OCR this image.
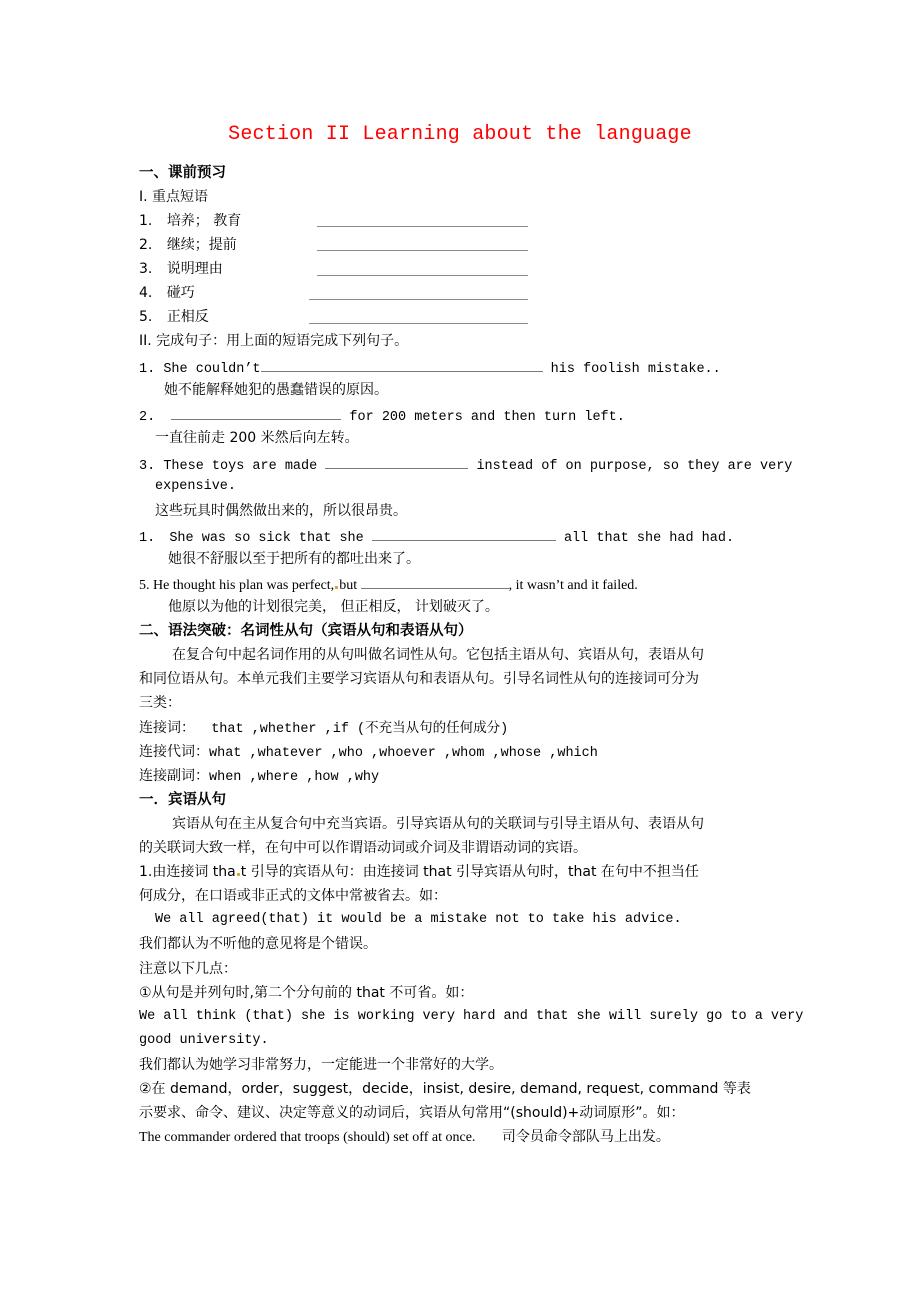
Section II Learning about the language
一、课前预习
I. 重点短语
1. 培养； 教育
2. 继续；提前
3. 说明理由
4. 碰巧
5. 正相反
II. 完成句子：用上面的短语完成下列句子。
1. She couldn’t	his foolish mistake..
她不能解释她犯的愚蠢错误的原因。
2.	for 200 meters and then turn left.
一直往前走 200 米然后向左转。
3. These toys are made	instead of on purpose, so they are very
expensive.
这些玩具时偶然做出来的，所以很昂贵。
1. She was so sick that she	all that she had had.
她很不舒服以至于把所有的都吐出来了。
5. He thought his plan was perfect, but	, it wasn’t and it failed.
他原以为他的计划很完美， 但正相反， 计划破灭了。
二、语法突破：名词性从句（宾语从句和表语从句）
在复合句中起名词作用的从句叫做名词性从句。它包括主语从句、宾语从句，表语从句
和同位语从句。本单元我们主要学习宾语从句和表语从句。引导名词性从句的连接词可分为
三类：
连接词：  that ,whether ,if (不充当从句的任何成分)
连接代词：what ,whatever ,who ,whoever ,whom ,whose ,which
连接副词：when ,where ,how ,why
一．宾语从句
宾语从句在主从复合句中充当宾语。引导宾语从句的关联词与引导主语从句、表语从句
的关联词大致一样，在句中可以作谓语动词或介词及非谓语动词的宾语。
1.由连接词 tha t 引导的宾语从句：由连接词 that 引导宾语从句时，that 在句中不担当任
何成分，在口语或非正式的文体中常被省去。如：
We all agreed(that) it would be a mistake not to take his advice.
我们都认为不听他的意见将是个错误。
注意以下几点：
①从句是并列句时,第二个分句前的 that 不可省。如：
We all think (that) she is working very hard and that she will surely go to a very
good university.
我们都认为她学习非常努力，一定能进一个非常好的大学。
②在 demand，order，suggest，decide，insist, desire, demand, request, command 等表
示要求、命令、建议、决定等意义的动词后，宾语从句常用“(should)+动词原形”。如：
The commander ordered that troops (should) set off at once. 司令员命令部队马上出发。
